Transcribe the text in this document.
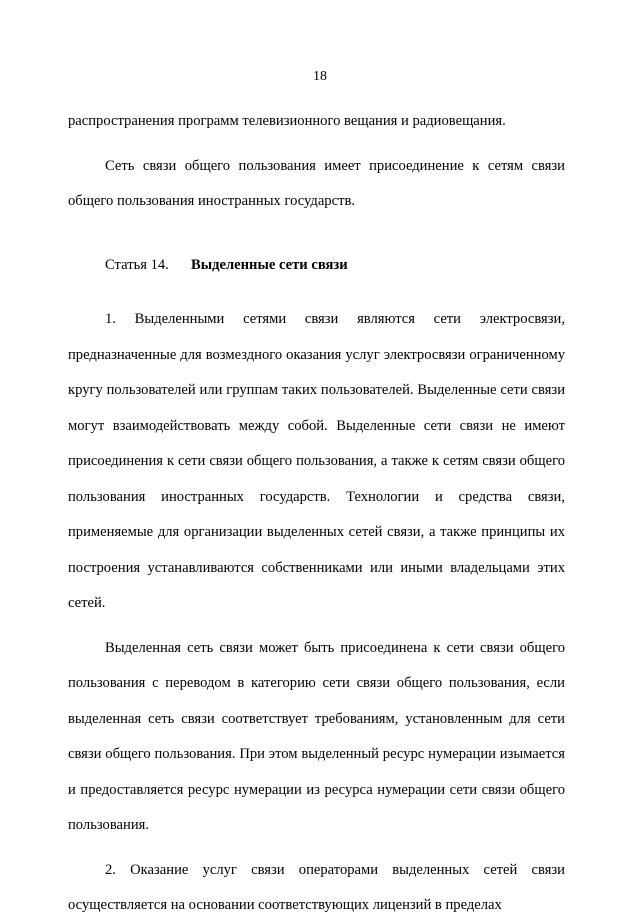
18

распространения программ телевизионного вещания и радиовещания.

Сеть связи общего пользования имеет присоединение к сетям связи общего пользования иностранных государств.

Статья 14. Выделенные сети связи

1. Выделенными сетями связи являются сети электросвязи, предназначенные для возмездного оказания услуг электросвязи ограниченному кругу пользователей или группам таких пользователей. Выделенные сети связи могут взаимодействовать между собой. Выделенные сети связи не имеют присоединения к сети связи общего пользования, а также к сетям связи общего пользования иностранных государств. Технологии и средства связи, применяемые для организации выделенных сетей связи, а также принципы их построения устанавливаются собственниками или иными владельцами этих сетей.

Выделенная сеть связи может быть присоединена к сети связи общего пользования с переводом в категорию сети связи общего пользования, если выделенная сеть связи соответствует требованиям, установленным для сети связи общего пользования. При этом выделенный ресурс нумерации изымается и предоставляется ресурс нумерации из ресурса нумерации сети связи общего пользования.

2. Оказание услуг связи операторами выделенных сетей связи осуществляется на основании соответствующих лицензий в пределах
